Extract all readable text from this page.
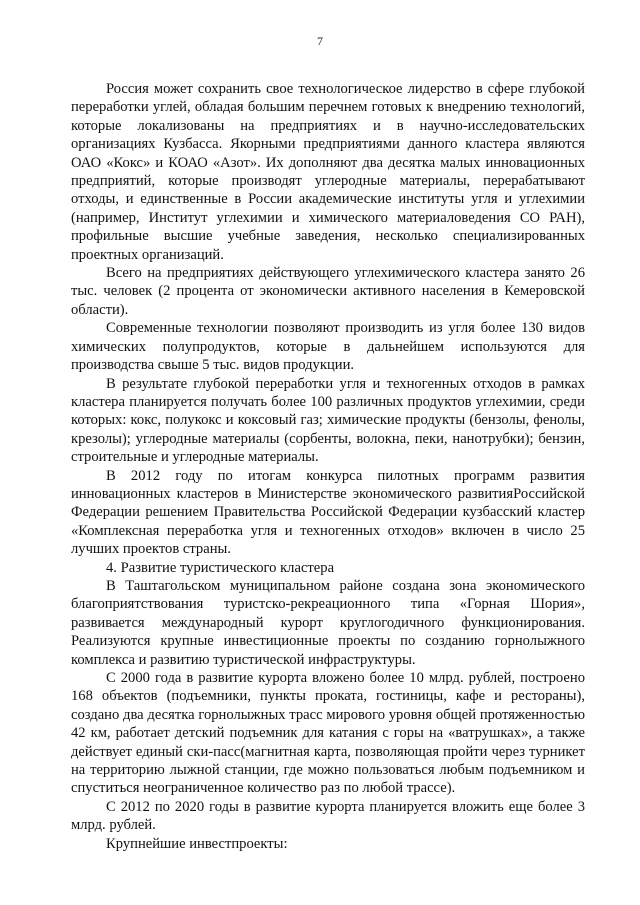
7

Россия может сохранить свое технологическое лидерство в сфере глубокой переработки углей, обладая большим перечнем готовых к внедрению технологий, которые локализованы на предприятиях и в научно-исследовательских организациях Кузбасса. Якорными предприятиями данного кластера являются ОАО «Кокс» и КОАО «Азот». Их дополняют два десятка малых инновационных предприятий, которые производят углеродные материалы, перерабатывают отходы, и единственные в России академические институты угля и углехимии (например, Институт углехимии и химического материаловедения СО РАН), профильные высшие учебные заведения, несколько специализированных проектных организаций.

Всего на предприятиях действующего углехимического кластера занято 26 тыс. человек (2 процента от экономически активного населения в Кемеровской области).

Современные технологии позволяют производить из угля более 130 видов химических полупродуктов, которые в дальнейшем используются для производства свыше 5 тыс. видов продукции.

В результате глубокой переработки угля и техногенных отходов в рамках кластера планируется получать более 100 различных продуктов углехимии, среди которых: кокс, полукокс и коксовый газ; химические продукты (бензолы, фенолы, крезолы); углеродные материалы (сорбенты, волокна, пеки, нанотрубки); бензин, строительные и углеродные материалы.

В 2012 году по итогам конкурса пилотных программ развития инновационных кластеров в Министерстве экономического развитияРоссийской Федерации решением Правительства Российской Федерации кузбасский кластер «Комплексная переработка угля и техногенных отходов» включен в число 25 лучших проектов страны.

4. Развитие туристического кластера

В Таштагольском муниципальном районе создана зона экономического благоприятствования туристско-рекреационного типа «Горная Шория», развивается международный курорт круглогодичного функционирования. Реализуются крупные инвестиционные проекты по созданию горнолыжного комплекса и развитию туристической инфраструктуры.

С 2000 года в развитие курорта вложено более 10 млрд. рублей, построено 168 объектов (подъемники, пункты проката, гостиницы, кафе и рестораны), создано два десятка горнолыжных трасс мирового уровня общей протяженностью 42 км, работает детский подъемник для катания с горы на «ватрушках», а также действует единый ски-пасс(магнитная карта, позволяющая пройти через турникет на территорию лыжной станции, где можно пользоваться любым подъемником и спуститься неограниченное количество раз по любой трассе).

С 2012 по 2020 годы в развитие курорта планируется вложить еще более 3 млрд. рублей.

Крупнейшие инвестпроекты:
